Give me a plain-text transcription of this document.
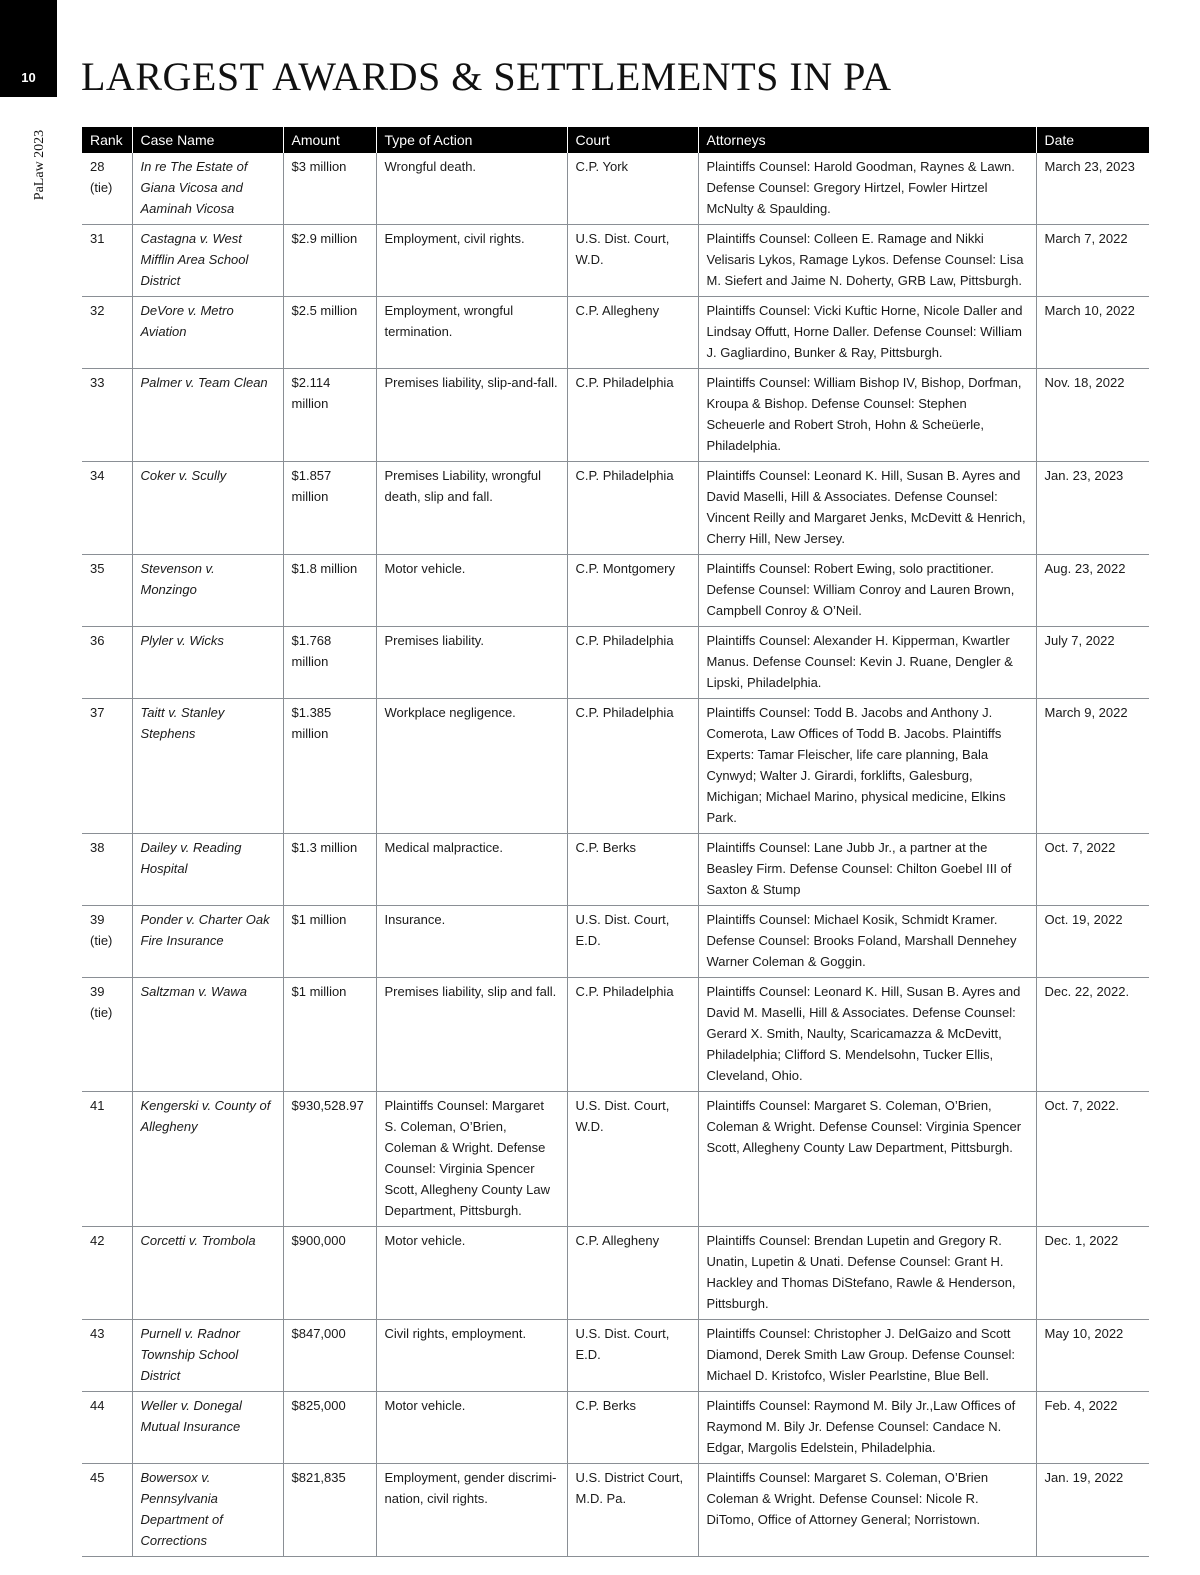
10
PaLaw 2023
LARGEST AWARDS & SETTLEMENTS IN PA
Rank	Case Name	Amount	Type of Action	Court	Attorneys	Date
28 (tie)	In re The Estate of Giana Vicosa and Aaminah Vicosa	$3 million	Wrongful death.	C.P. York	Plaintiffs Counsel: Harold Goodman, Raynes & Lawn. Defense Counsel: Gregory Hirtzel, Fowler Hirtzel McNulty & Spaulding.	March 23, 2023
31	Castagna v. West Mifflin Area School District	$2.9 million	Employment, civil rights.	U.S. Dist. Court, W.D.	Plaintiffs Counsel: Colleen E. Ramage and Nikki Velisaris Lykos, Ramage Lykos. Defense Counsel: Lisa M. Siefert and Jaime N. Doherty, GRB Law, Pittsburgh.	March 7, 2022
32	DeVore v. Metro Aviation	$2.5 million	Employment, wrongful termination.	C.P. Allegheny	Plaintiffs Counsel: Vicki Kuftic Horne, Nicole Daller and Lindsay Offutt, Horne Daller. Defense Counsel: William J. Gagliardino, Bunker & Ray, Pittsburgh.	March 10, 2022
33	Palmer v. Team Clean	$2.114 million	Premises liability, slip-and-fall.	C.P. Philadelphia	Plaintiffs Counsel: William Bishop IV, Bishop, Dorfman, Kroupa & Bishop. Defense Counsel: Stephen Scheuerle and Robert Stroh, Hohn & Scheüerle, Philadelphia.	Nov. 18, 2022
34	Coker v. Scully	$1.857 million	Premises Liability, wrongful death, slip and fall.	C.P. Philadelphia	Plaintiffs Counsel: Leonard K. Hill, Susan B. Ayres and David Maselli, Hill & Associates. Defense Counsel: Vincent Reilly and Margaret Jenks, McDevitt & Henrich, Cherry Hill, New Jersey.	Jan. 23, 2023
35	Stevenson v. Monzingo	$1.8 million	Motor vehicle.	C.P. Montgomery	Plaintiffs Counsel: Robert Ewing, solo practitioner. Defense Counsel: William Conroy and Lauren Brown, Campbell Conroy & O’Neil.	Aug. 23, 2022
36	Plyler v. Wicks	$1.768 million	Premises liability.	C.P. Philadelphia	Plaintiffs Counsel: Alexander H. Kipperman, Kwartler Manus. Defense Counsel: Kevin J. Ruane, Dengler & Lipski, Philadelphia.	July 7, 2022
37	Taitt v. Stanley Stephens	$1.385 million	Workplace negligence.	C.P. Philadelphia	Plaintiffs Counsel: Todd B. Jacobs and Anthony J. Comerota, Law Offices of Todd B. Jacobs. Plaintiffs Experts: Tamar Fleischer, life care planning, Bala Cynwyd; Walter J. Girardi, forklifts, Galesburg, Michigan; Michael Marino, physical medicine, Elkins Park.	March 9, 2022
38	Dailey v. Reading Hospital	$1.3 million	Medical malpractice.	C.P. Berks	Plaintiffs Counsel: Lane Jubb Jr., a partner at the Beasley Firm. Defense Counsel: Chilton Goebel III of Saxton & Stump	Oct. 7, 2022
39 (tie)	Ponder v. Charter Oak Fire Insurance	$1 million	Insurance.	U.S. Dist. Court, E.D.	Plaintiffs Counsel: Michael Kosik, Schmidt Kramer. Defense Counsel: Brooks Foland, Marshall Dennehey Warner Coleman & Goggin.	Oct. 19, 2022
39 (tie)	Saltzman v. Wawa	$1 million	Premises liability, slip and fall.	C.P. Philadelphia	Plaintiffs Counsel: Leonard K. Hill, Susan B. Ayres and David M. Maselli, Hill & Associates. Defense Counsel: Gerard X. Smith, Naulty, Scaricamazza & McDevitt, Philadelphia; Clifford S. Mendelsohn, Tucker Ellis, Cleveland, Ohio.	Dec. 22, 2022.
41	Kengerski v. County of Allegheny	$930,528.97	Plaintiffs Counsel: Margaret S. Coleman, O’Brien, Coleman & Wright. Defense Counsel: Virginia Spencer Scott, Allegheny County Law Department, Pittsburgh.	U.S. Dist. Court, W.D.	Plaintiffs Counsel: Margaret S. Coleman, O’Brien, Coleman & Wright. Defense Counsel: Virginia Spencer Scott, Allegheny County Law Department, Pittsburgh.	Oct. 7, 2022.
42	Corcetti v. Trombola	$900,000	Motor vehicle.	C.P. Allegheny	Plaintiffs Counsel: Brendan Lupetin and Gregory R. Unatin, Lupetin & Unati. Defense Counsel: Grant H. Hackley and Thomas DiStefano, Rawle & Henderson, Pittsburgh.	Dec. 1, 2022
43	Purnell v. Radnor Township School District	$847,000	Civil rights, employment.	U.S. Dist. Court, E.D.	Plaintiffs Counsel: Christopher J. DelGaizo and Scott Diamond, Derek Smith Law Group. Defense Counsel: Michael D. Kristofco, Wisler Pearlstine, Blue Bell.	May 10, 2022
44	Weller v. Donegal Mutual Insurance	$825,000	Motor vehicle.	C.P. Berks	Plaintiffs Counsel: Raymond M. Bily Jr.,Law Offices of Raymond M. Bily Jr. Defense Counsel: Candace N. Edgar, Margolis Edelstein, Philadelphia.	Feb. 4, 2022
45	Bowersox v. Pennsylvania Department of Corrections	$821,835	Employment, gender discrimi-nation, civil rights.	U.S. District Court, M.D. Pa.	Plaintiffs Counsel: Margaret S. Coleman, O’Brien Coleman & Wright. Defense Counsel: Nicole R. DiTomo, Office of Attorney General; Norristown.	Jan. 19, 2022
